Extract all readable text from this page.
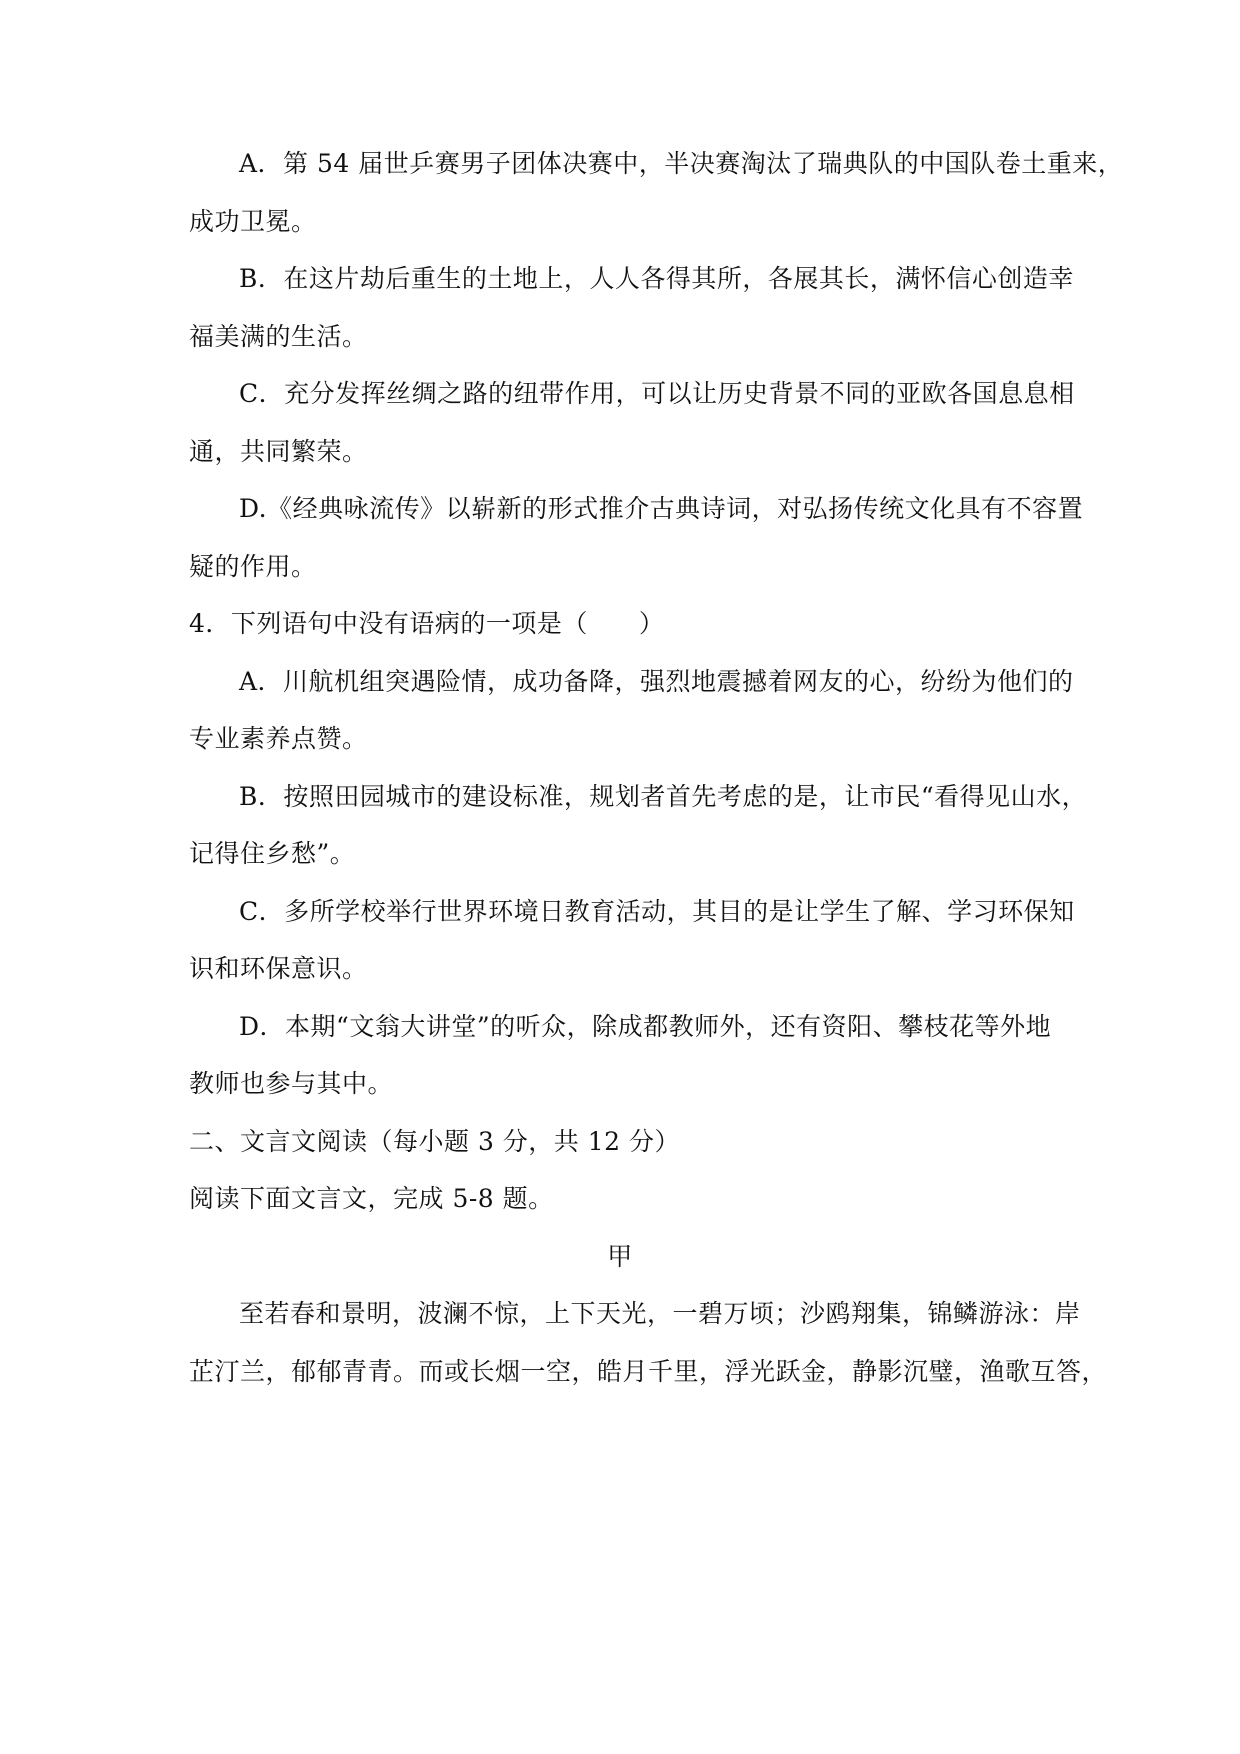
A．第 54 届世乒赛男子团体决赛中，半决赛淘汰了瑞典队的中国队卷土重来，
成功卫冕。
B．在这片劫后重生的土地上，人人各得其所，各展其长，满怀信心创造幸
福美满的生活。
C．充分发挥丝绸之路的纽带作用，可以让历史背景不同的亚欧各国息息相
通，共同繁荣。
D.《经典咏流传》以崭新的形式推介古典诗词，对弘扬传统文化具有不容置
疑的作用。
4．下列语句中没有语病的一项是（　　）
A．川航机组突遇险情，成功备降，强烈地震撼着网友的心，纷纷为他们的
专业素养点赞。
B．按照田园城市的建设标准，规划者首先考虑的是，让市民“看得见山水，
记得住乡愁”。
C．多所学校举行世界环境日教育活动，其目的是让学生了解、学习环保知
识和环保意识。
D．本期“文翁大讲堂”的听众，除成都教师外，还有资阳、攀枝花等外地
教师也参与其中。
二、文言文阅读（每小题 3 分，共 12 分）
阅读下面文言文，完成 5-8 题。
甲
至若春和景明，波澜不惊，上下天光，一碧万顷；沙鸥翔集，锦鳞游泳：岸
芷汀兰，郁郁青青。而或长烟一空，皓月千里，浮光跃金，静影沉璧，渔歌互答，
